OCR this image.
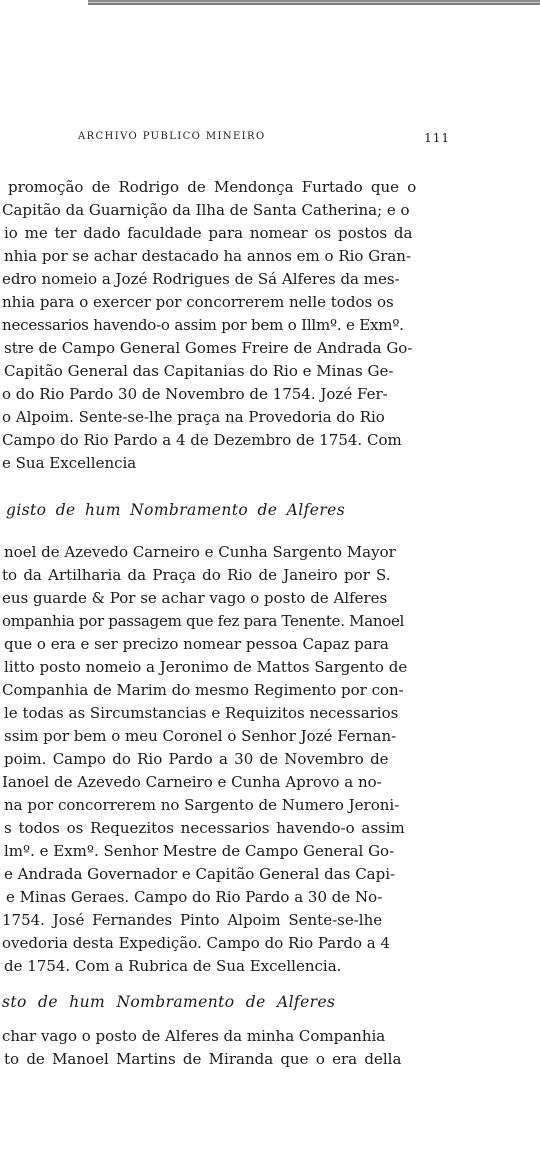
ARCHIVO PUBLICO MINEIRO	111
promoção de Rodrigo de Mendonça Furtado que o
Capitão da Guarnição da Ilha de Santa Catherina; e o
io me ter dado faculdade para nomear os postos da
nhia por se achar destacado ha annos em o Rio Gran-
edro nomeio a Jozé Rodrigues de Sá Alferes da mes-
nhia para o exercer por concorrerem nelle todos os
necessarios havendo-o assim por bem o Illmº. e Exmº.
stre de Campo General Gomes Freire de Andrada Go-
Capitão General das Capitanias do Rio e Minas Ge-
o do Rio Pardo 30 de Novembro de 1754. Jozé Fer-
o Alpoim. Sente-se-lhe praça na Provedoria do Rio
Campo do Rio Pardo a 4 de Dezembro de 1754. Com
e Sua Excellencia
gisto de hum Nombramento de Alferes
noel de Azevedo Carneiro e Cunha Sargento Mayor
to da Artilharia da Praça do Rio de Janeiro por S.
eus guarde & Por se achar vago o posto de Alferes
ompanhia por passagem que fez para Tenente. Manoel
que o era e ser precizo nomear pessoa Capaz para
litto posto nomeio a Jeronimo de Mattos Sargento de
Companhia de Marim do mesmo Regimento por con-
le todas as Sircumstancias e Requizitos necessarios
ssim por bem o meu Coronel o Senhor Jozé Fernan-
poim. Campo do Rio Pardo a 30 de Novembro de
Ianoel de Azevedo Carneiro e Cunha Aprovo a no-
na por concorrerem no Sargento de Numero Jeroni-
s todos os Requezitos necessarios havendo-o assim
lmº. e Exmº. Senhor Mestre de Campo General Go-
e Andrada Governador e Capitão General das Capi-
e Minas Geraes. Campo do Rio Pardo a 30 de No-
1754. José Fernandes Pinto Alpoim Sente-se-lhe
ovedoria desta Expedição. Campo do Rio Pardo a 4
de 1754. Com a Rubrica de Sua Excellencia.
sto de hum Nombramento de Alferes
char vago o posto de Alferes da minha Companhia
to de Manoel Martins de Miranda que o era della
